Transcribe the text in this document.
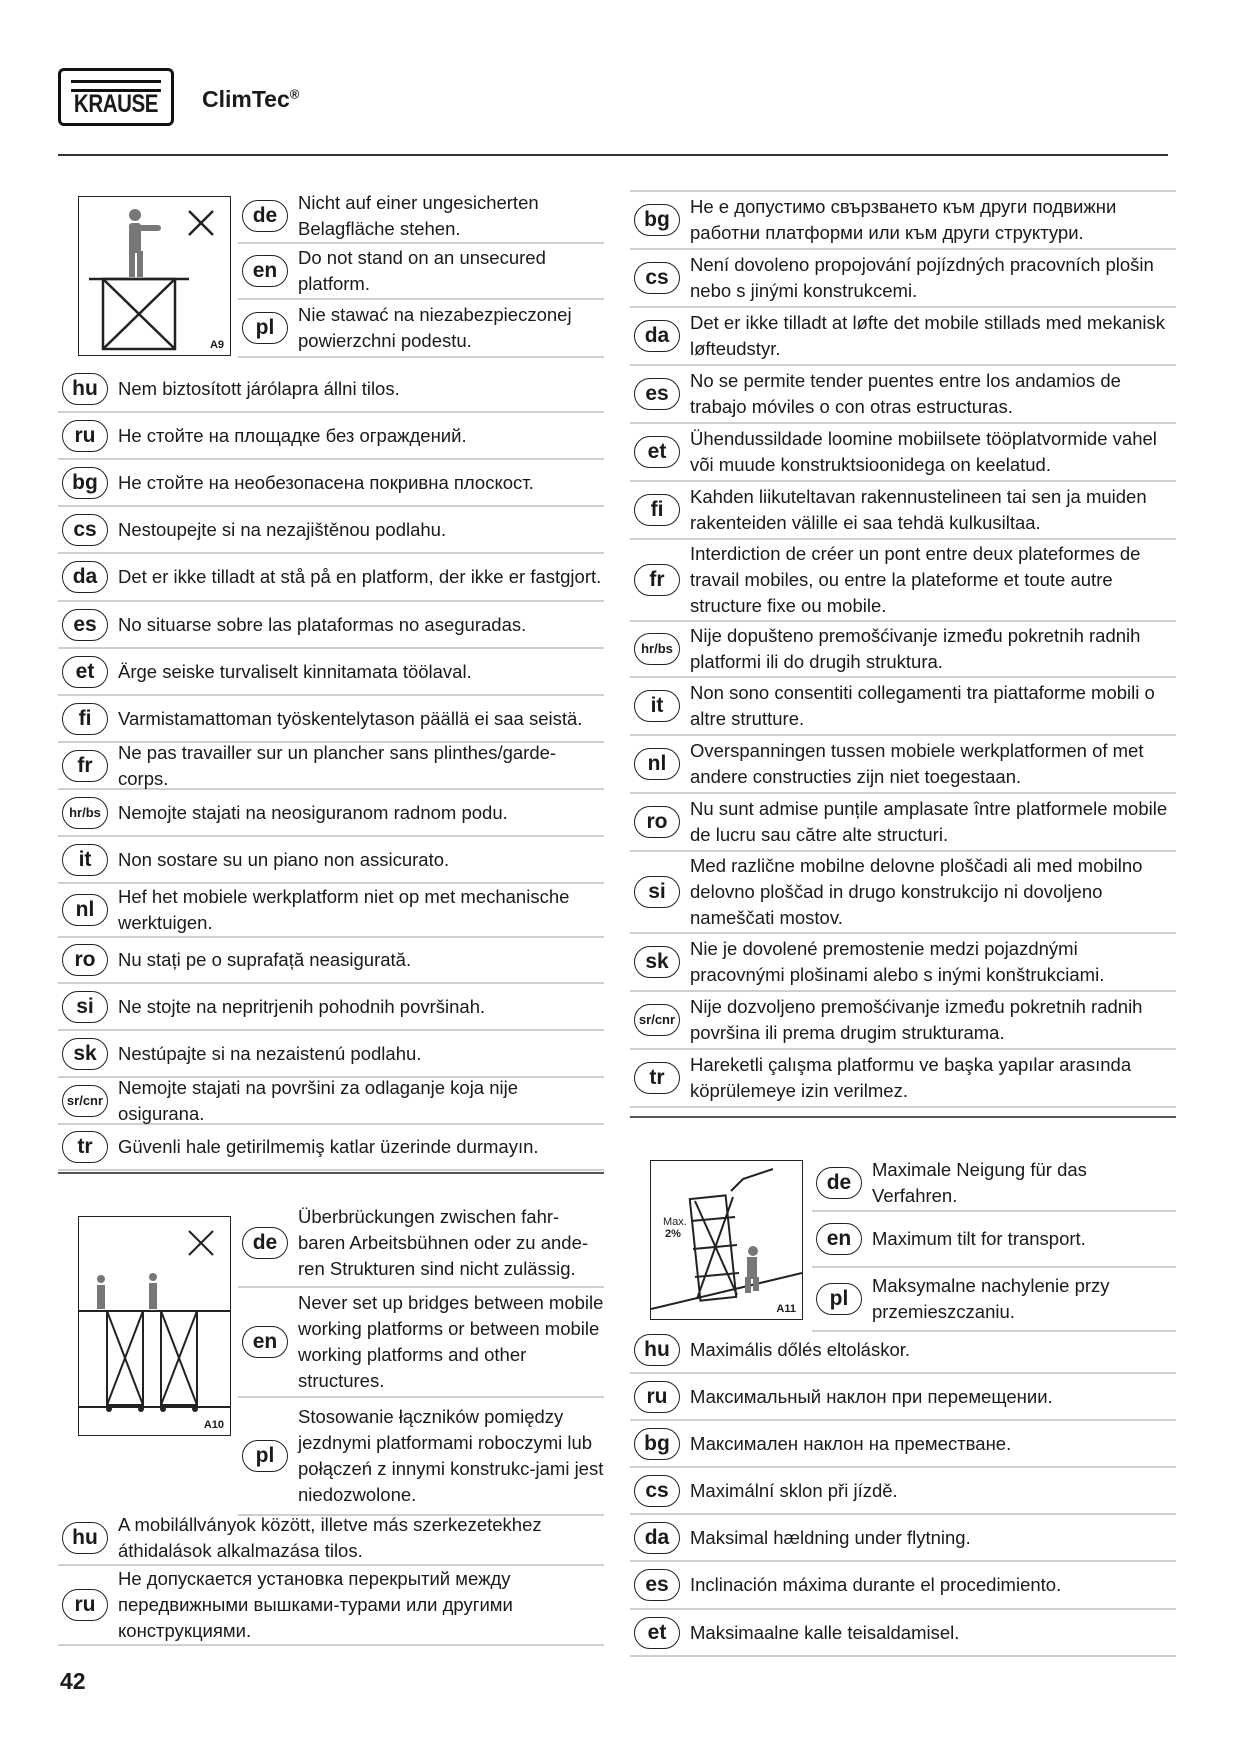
KRAUSE ClimTec®
A9
de
Nicht auf einer ungesicherten Belagfläche stehen.
en
Do not stand on an unsecured platform.
pl
Nie stawać na niezabezpieczonej powierzchni podestu.
hu	Nem biztosított járólapra állni tilos.
ru	Не стойте на площадке без ограждений.
bg	Не стойте на необезопасена покривна плоскост.
cs	Nestoupejte si na nezajištěnou podlahu.
da	Det er ikke tilladt at stå på en platform, der ikke er fastgjort.
es	No situarse sobre las plataformas no aseguradas.
et	Ärge seiske turvaliselt kinnitamata töölaval.
fi	Varmistamattoman työskentelytason päällä ei saa seistä.
fr
Ne pas travailler sur un plancher sans plinthes/garde-corps.
hr/bs Nemojte stajati na neosiguranom radnom podu.
it	Non sostare su un piano non assicurato.
nl
Hef het mobiele werkplatform niet op met mechanische werktuigen.
ro	Nu stați pe o suprafață neasigurată.
si	Ne stojte na nepritrjenih pohodnih površinah.
sk	Nestúpajte si na nezaistenú podlahu.
sr/cnr
Nemojte stajati na površini za odlaganje koja nije osigurana.
tr	Güvenli hale getirilmemiş katlar üzerinde durmayın.
A10
de
Überbrückungen zwischen fahr-baren Arbeitsbühnen oder zu ande-ren Strukturen sind nicht zulässig.
en
Never set up bridges between mobile working platforms or between mobile working platforms and other structures.
pl
Stosowanie łączników pomiędzy jezdnymi platformami roboczymi lub połączeń z innymi konstrukc-jami jest niedozwolone.
hu
A mobilállványok között, illetve más szerkezetekhez áthidalások alkalmazása tilos.
ru
Не допускается установка перекрытий между передвижными вышками-турами или другими конструкциями.
bg
Не е допустимо свързването към други подвижни работни платформи или към други структури.
cs
Není dovoleno propojování pojízdných pracovních plošin nebo s jinými konstrukcemi.
da
Det er ikke tilladt at løfte det mobile stillads med mekanisk løfteudstyr.
es
No se permite tender puentes entre los andamios de trabajo móviles o con otras estructuras.
et
Ühendussildade loomine mobiilsete tööplatvormide vahel või muude konstruktsioonidega on keelatud.
fi
Kahden liikuteltavan rakennustelineen tai sen ja muiden rakenteiden välille ei saa tehdä kulkusiltaa.
fr
Interdiction de créer un pont entre deux plateformes de travail mobiles, ou entre la plateforme et toute autre structure fixe ou mobile.
hr/bs
Nije dopušteno premošćivanje između pokretnih radnih platformi ili do drugih struktura.
it
Non sono consentiti collegamenti tra piattaforme mobili o altre strutture.
nl
Overspanningen tussen mobiele werkplatformen of met andere constructies zijn niet toegestaan.
ro
Nu sunt admise punțile amplasate între platformele mobile de lucru sau către alte structuri.
si
Med različne mobilne delovne ploščadi ali med mobilno delovno ploščad in drugo konstrukcijo ni dovoljeno nameščati mostov.
sk
Nie je dovolené premostenie medzi pojazdnými pracovnými plošinami alebo s inými konštrukciami.
sr/cnr
Nije dozvoljeno premošćivanje između pokretnih radnih površina ili prema drugim strukturama.
tr
Hareketli çalışma platformu ve başka yapılar arasında köprülemeye izin verilmez.
Max.
2%
A11
de
Maximale Neigung für das Verfahren.
en	Maximum tilt for transport.
pl
Maksymalne nachylenie przy przemieszczaniu.
hu	Maximális dőlés eltoláskor.
ru	Максимальный наклон при перемещении.
bg	Максимален наклон на преместване.
cs	Maximální sklon při jízdě.
da	Maksimal hældning under flytning.
es	Inclinación máxima durante el procedimiento.
et	Maksimaalne kalle teisaldamisel.
42
